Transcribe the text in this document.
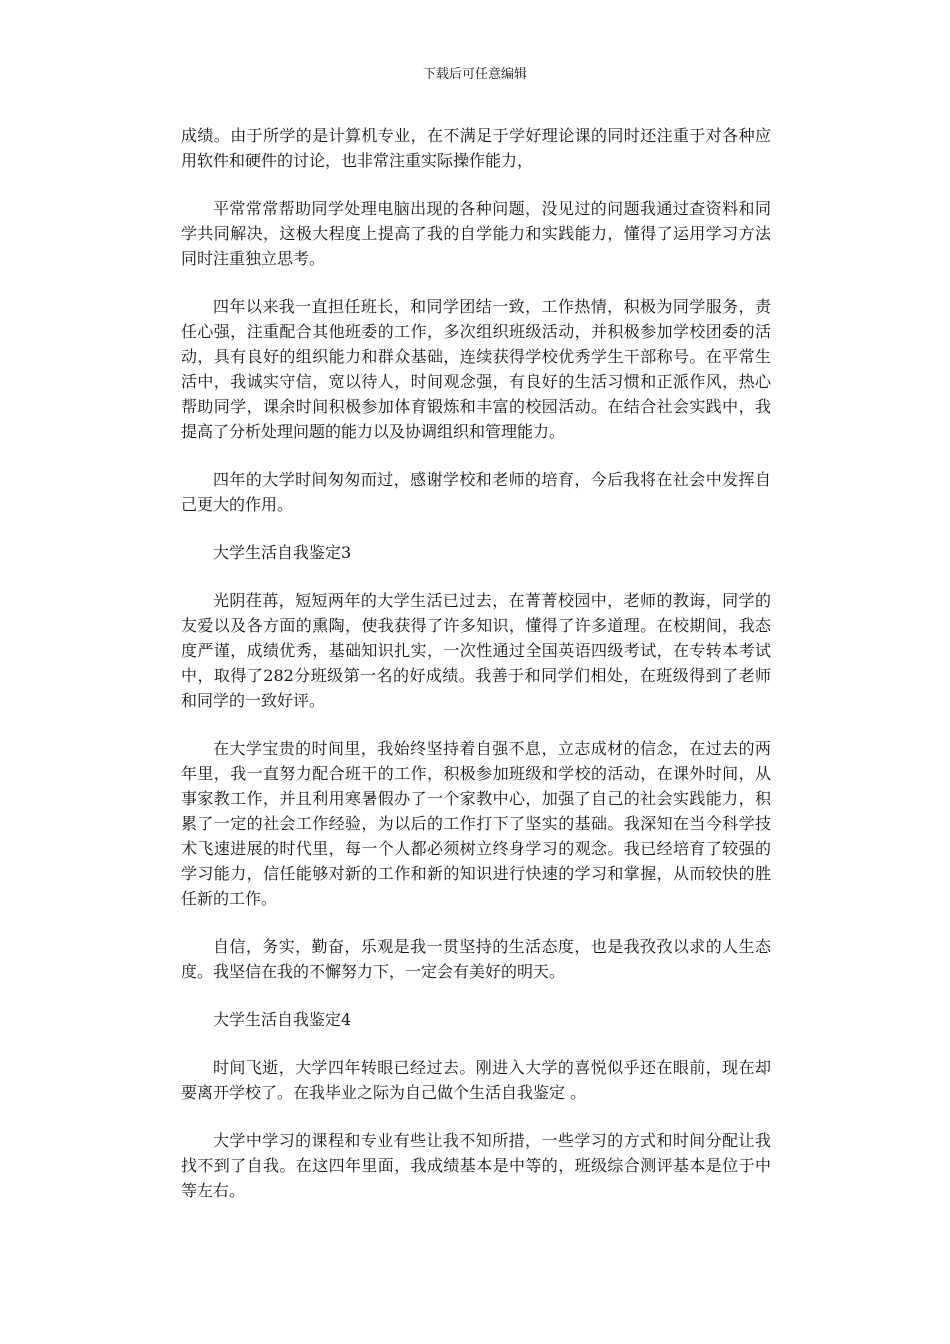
下载后可任意编辑

成绩。由于所学的是计算机专业，在不满足于学好理论课的同时还注重于对各种应用软件和硬件的讨论，也非常注重实际操作能力，

平常常常帮助同学处理电脑出现的各种问题，没见过的问题我通过查资料和同学共同解决，这极大程度上提高了我的自学能力和实践能力，懂得了运用学习方法同时注重独立思考。

四年以来我一直担任班长，和同学团结一致，工作热情，积极为同学服务，责任心强，注重配合其他班委的工作，多次组织班级活动，并积极参加学校团委的活动，具有良好的组织能力和群众基础，连续获得学校优秀学生干部称号。在平常生活中，我诚实守信，宽以待人，时间观念强，有良好的生活习惯和正派作风，热心帮助同学，课余时间积极参加体育锻炼和丰富的校园活动。在结合社会实践中，我提高了分析处理问题的能力以及协调组织和管理能力。

四年的大学时间匆匆而过，感谢学校和老师的培育，今后我将在社会中发挥自己更大的作用。

大学生活自我鉴定3

光阴荏苒，短短两年的大学生活已过去，在菁菁校园中，老师的教诲，同学的友爱以及各方面的熏陶，使我获得了许多知识，懂得了许多道理。在校期间，我态度严谨，成绩优秀，基础知识扎实，一次性通过全国英语四级考试，在专转本考试中，取得了282分班级第一名的好成绩。我善于和同学们相处，在班级得到了老师和同学的一致好评。

在大学宝贵的时间里，我始终坚持着自强不息，立志成材的信念，在过去的两年里，我一直努力配合班干的工作，积极参加班级和学校的活动，在课外时间，从事家教工作，并且利用寒暑假办了一个家教中心，加强了自己的社会实践能力，积累了一定的社会工作经验，为以后的工作打下了坚实的基础。我深知在当今科学技术飞速进展的时代里，每一个人都必须树立终身学习的观念。我已经培育了较强的学习能力，信任能够对新的工作和新的知识进行快速的学习和掌握，从而较快的胜任新的工作。

自信，务实，勤奋，乐观是我一贯坚持的生活态度，也是我孜孜以求的人生态度。我坚信在我的不懈努力下，一定会有美好的明天。

大学生活自我鉴定4

时间飞逝，大学四年转眼已经过去。刚进入大学的喜悦似乎还在眼前，现在却要离开学校了。在我毕业之际为自己做个生活自我鉴定 。

大学中学习的课程和专业有些让我不知所措，一些学习的方式和时间分配让我找不到了自我。在这四年里面，我成绩基本是中等的，班级综合测评基本是位于中等左右。
